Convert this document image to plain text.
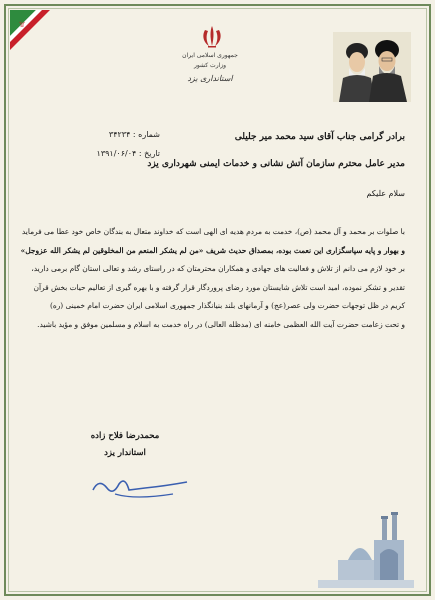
۩
جمهوری اسلامی ایران
وزارت کشور
استانداری یزد
شماره : ۳۴۲۳۴
تاریخ : ۱۳۹۱/۰۶/۰۴
برادر گرامی جناب آقای سید محمد میر جلیلی
مدیر عامل محترم سازمان آتش نشانی و خدمات ایمنی شهرداری یزد
سلام علیکم

با صلوات بر محمد و آل محمد (ص)، خدمت به مردم هدیه ای الهی است که خداوند متعال به بندگان خاص خود عطا می فرماید

و بهوار و پایه سپاسگزاری این نعمت بوده، بمصداق حدیث شریف «من لم یشکر المنعم من المخلوقین لم یشکر الله عزوجل»

بر خود لازم می دانم از تلاش و فعالیت های جهادی و همکاران محترمتان که در راستای رشد و تعالی استان گام برمی دارید،

تقدیر و تشکر نموده، امید است تلاش شایستان مورد رضای پروردگار قرار گرفته و با بهره گیری از تعالیم حیات بخش قرآن

کریم در ظل توجهات حضرت ولی عصر(عج) و آرمانهای بلند بنیانگذار جمهوری اسلامی ایران حضرت امام خمینی (ره)

و تحت زعامت حضرت آیت الله العظمی خامنه ای (مدظله العالی) در راه خدمت به اسلام و مسلمین موفق و مؤید باشید.

محمدرضا فلاح زاده
استاندار یزد
